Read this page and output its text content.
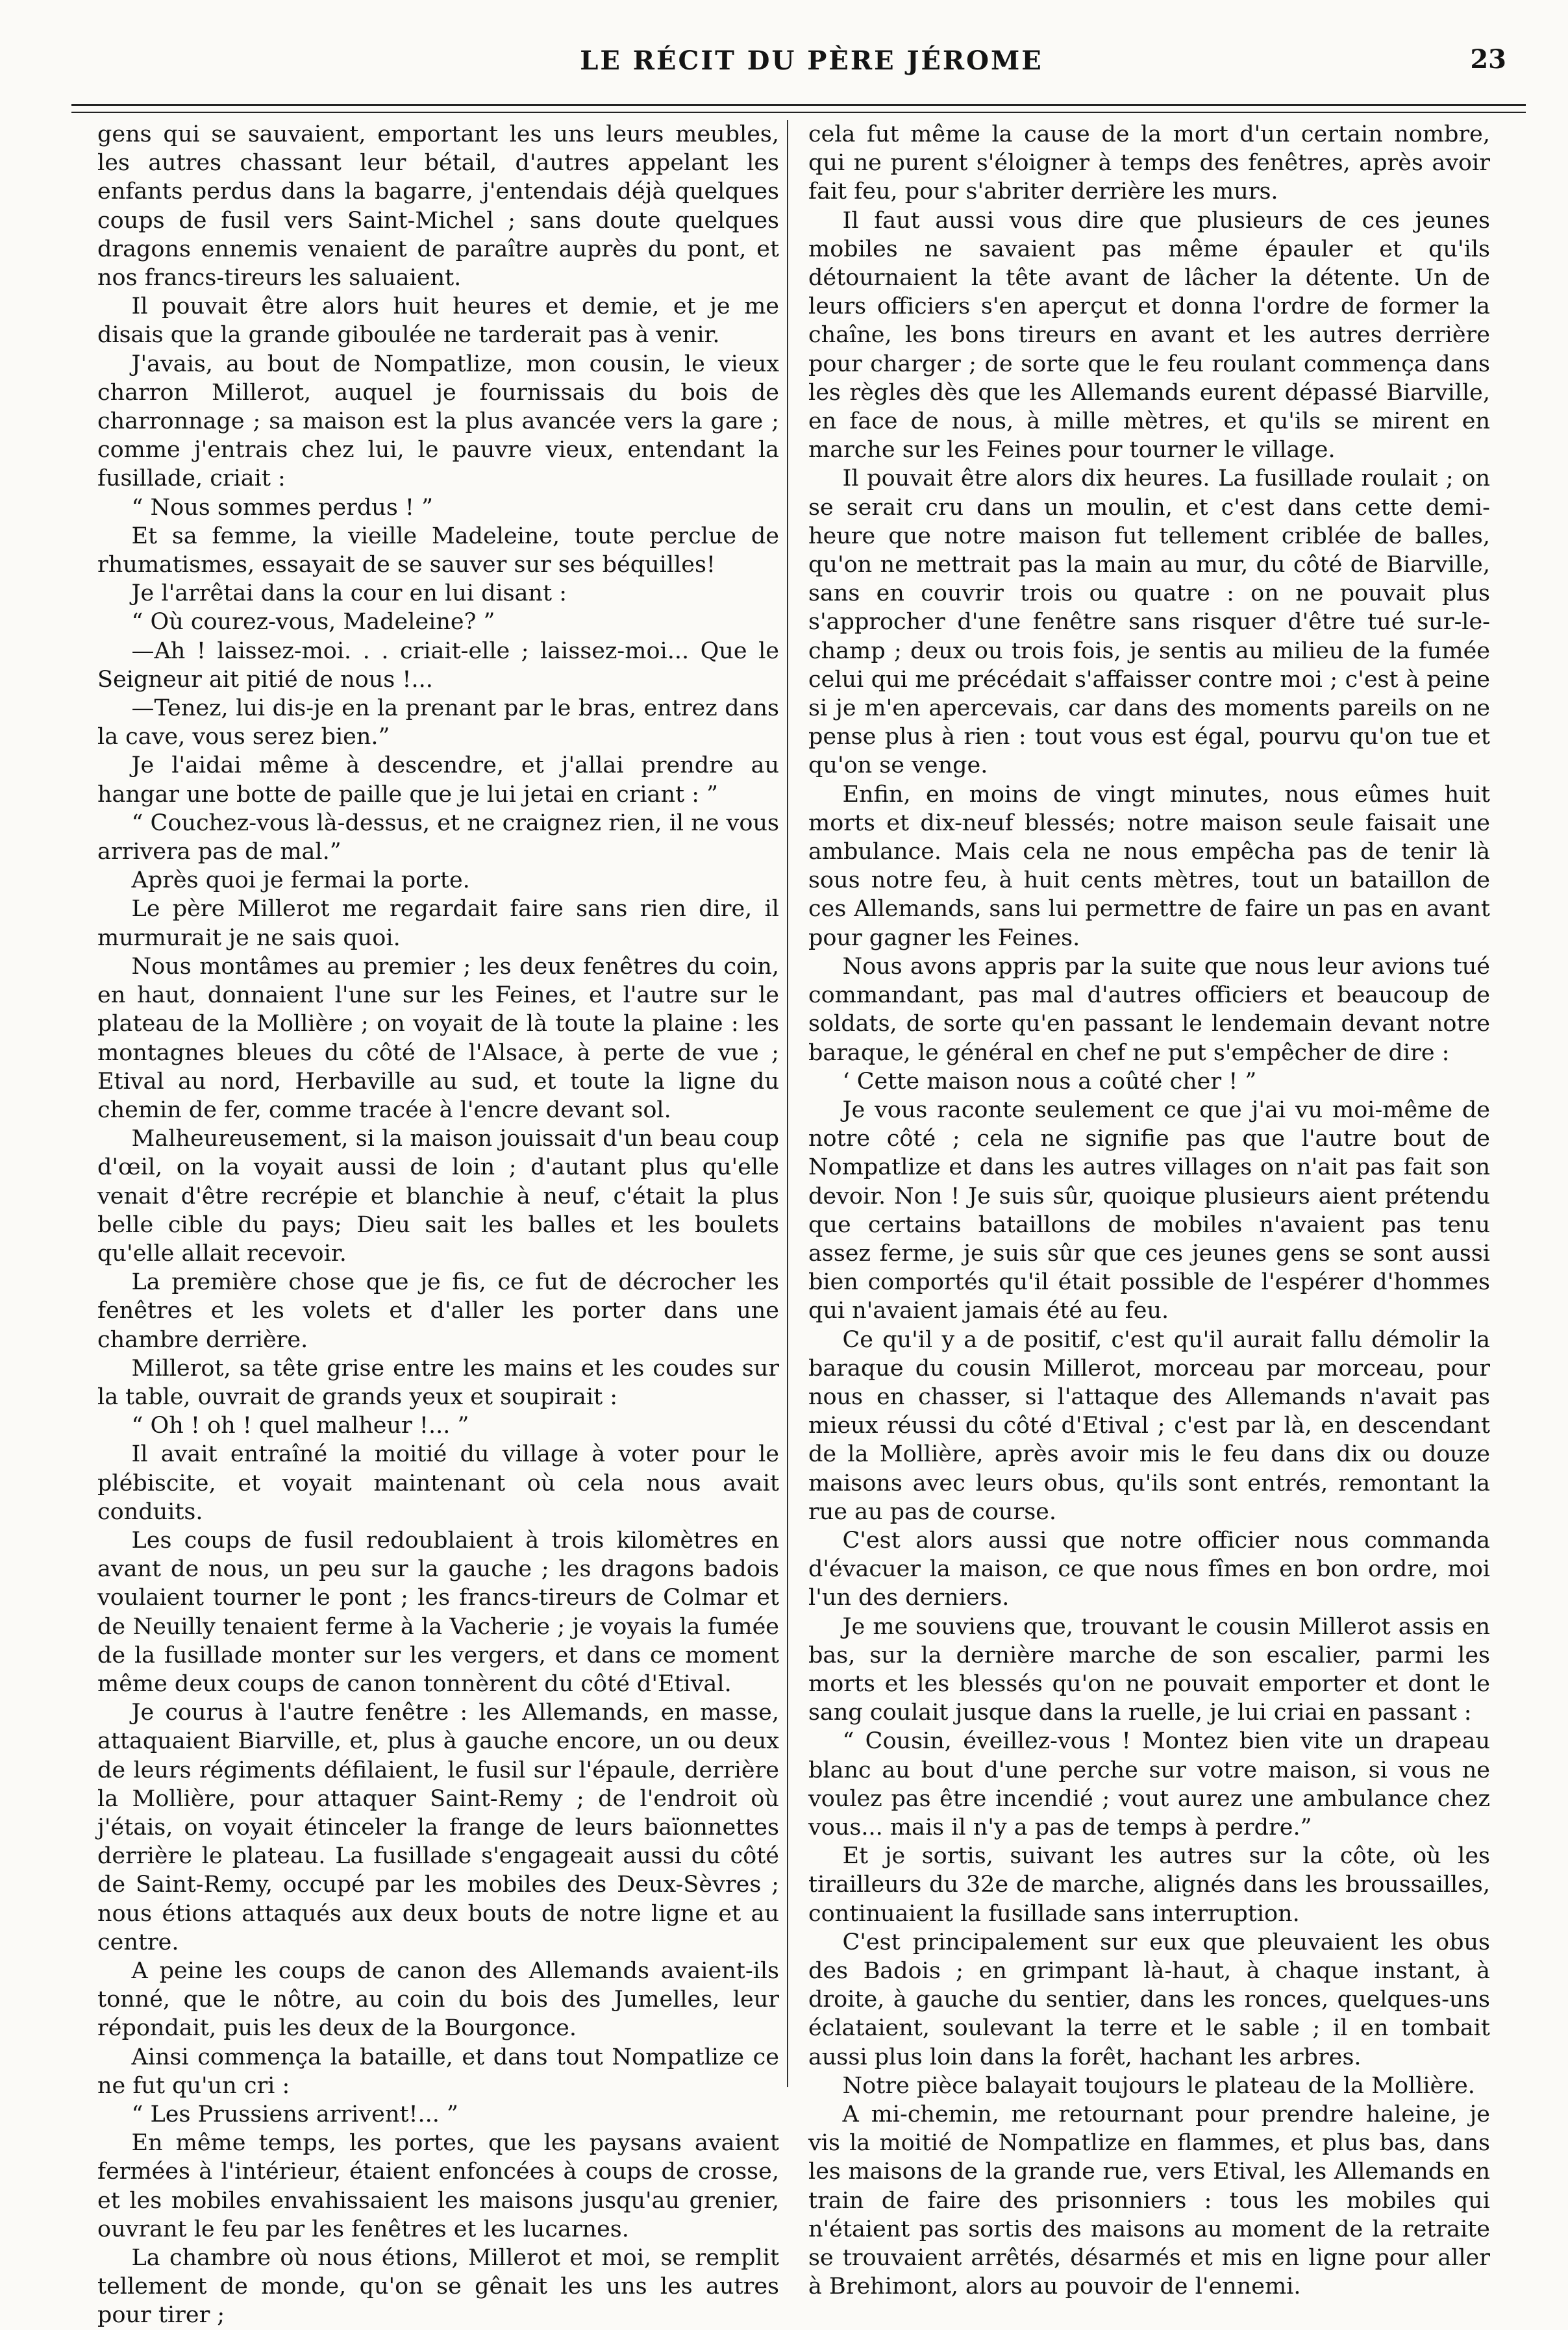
LE RÉCIT DU PÈRE JÉROME	23

gens qui se sauvaient, emportant les uns leurs meubles, les autres chassant leur bétail, d'autres appelant les enfants perdus dans la bagarre, j'entendais déjà quelques coups de fusil vers Saint-Michel ; sans doute quelques dragons ennemis venaient de paraître auprès du pont, et nos francs-tireurs les saluaient.

Il pouvait être alors huit heures et demie, et je me disais que la grande giboulée ne tarderait pas à venir.

J'avais, au bout de Nompatlize, mon cousin, le vieux charron Millerot, auquel je fournissais du bois de charronnage ; sa maison est la plus avancée vers la gare ; comme j'entrais chez lui, le pauvre vieux, entendant la fusillade, criait :

“ Nous sommes perdus ! ”

Et sa femme, la vieille Madeleine, toute perclue de rhumatismes, essayait de se sauver sur ses béquilles!

Je l'arrêtai dans la cour en lui disant :

“ Où courez-vous, Madeleine? ”

—Ah ! laissez-moi. . . criait-elle ; laissez-moi... Que le Seigneur ait pitié de nous !...

—Tenez, lui dis-je en la prenant par le bras, entrez dans la cave, vous serez bien.”

Je l'aidai même à descendre, et j'allai prendre au hangar une botte de paille que je lui jetai en criant : ”

“ Couchez-vous là-dessus, et ne craignez rien, il ne vous arrivera pas de mal.”

Après quoi je fermai la porte.

Le père Millerot me regardait faire sans rien dire, il murmurait je ne sais quoi.

Nous montâmes au premier ; les deux fenêtres du coin, en haut, donnaient l'une sur les Feines, et l'autre sur le plateau de la Mollière ; on voyait de là toute la plaine : les montagnes bleues du côté de l'Alsace, à perte de vue ; Etival au nord, Herbaville au sud, et toute la ligne du chemin de fer, comme tracée à l'encre devant sol.

Malheureusement, si la maison jouissait d'un beau coup d'œil, on la voyait aussi de loin ; d'autant plus qu'elle venait d'être recrépie et blanchie à neuf, c'était la plus belle cible du pays; Dieu sait les balles et les boulets qu'elle allait recevoir.

La première chose que je fis, ce fut de décrocher les fenêtres et les volets et d'aller les porter dans une chambre derrière.

Millerot, sa tête grise entre les mains et les coudes sur la table, ouvrait de grands yeux et soupirait :

“ Oh ! oh ! quel malheur !... ”

Il avait entraîné la moitié du village à voter pour le plébiscite, et voyait maintenant où cela nous avait conduits.

Les coups de fusil redoublaient à trois kilomètres en avant de nous, un peu sur la gauche ; les dragons badois voulaient tourner le pont ; les francs-tireurs de Colmar et de Neuilly tenaient ferme à la Vacherie ; je voyais la fumée de la fusillade monter sur les vergers, et dans ce moment même deux coups de canon tonnèrent du côté d'Etival.

Je courus à l'autre fenêtre : les Allemands, en masse, attaquaient Biarville, et, plus à gauche encore, un ou deux de leurs régiments défilaient, le fusil sur l'épaule, derrière la Mollière, pour attaquer Saint-Remy ; de l'endroit où j'étais, on voyait étinceler la frange de leurs baïonnettes derrière le plateau. La fusillade s'engageait aussi du côté de Saint-Remy, occupé par les mobiles des Deux-Sèvres ; nous étions attaqués aux deux bouts de notre ligne et au centre.

A peine les coups de canon des Allemands avaient-ils tonné, que le nôtre, au coin du bois des Jumelles, leur répondait, puis les deux de la Bourgonce.

Ainsi commença la bataille, et dans tout Nompatlize ce ne fut qu'un cri :

“ Les Prussiens arrivent!... ”

En même temps, les portes, que les paysans avaient fermées à l'intérieur, étaient enfoncées à coups de crosse, et les mobiles envahissaient les maisons jusqu'au grenier, ouvrant le feu par les fenêtres et les lucarnes.

La chambre où nous étions, Millerot et moi, se remplit tellement de monde, qu'on se gênait les uns les autres pour tirer ;

cela fut même la cause de la mort d'un certain nombre, qui ne purent s'éloigner à temps des fenêtres, après avoir fait feu, pour s'abriter derrière les murs.

Il faut aussi vous dire que plusieurs de ces jeunes mobiles ne savaient pas même épauler et qu'ils détournaient la tête avant de lâcher la détente. Un de leurs officiers s'en aperçut et donna l'ordre de former la chaîne, les bons tireurs en avant et les autres derrière pour charger ; de sorte que le feu roulant commença dans les règles dès que les Allemands eurent dépassé Biarville, en face de nous, à mille mètres, et qu'ils se mirent en marche sur les Feines pour tourner le village.

Il pouvait être alors dix heures. La fusillade roulait ; on se serait cru dans un moulin, et c'est dans cette demi-heure que notre maison fut tellement criblée de balles, qu'on ne mettrait pas la main au mur, du côté de Biarville, sans en couvrir trois ou quatre : on ne pouvait plus s'approcher d'une fenêtre sans risquer d'être tué sur-le-champ ; deux ou trois fois, je sentis au milieu de la fumée celui qui me précédait s'affaisser contre moi ; c'est à peine si je m'en apercevais, car dans des moments pareils on ne pense plus à rien : tout vous est égal, pourvu qu'on tue et qu'on se venge.

Enfin, en moins de vingt minutes, nous eûmes huit morts et dix-neuf blessés; notre maison seule faisait une ambulance. Mais cela ne nous empêcha pas de tenir là sous notre feu, à huit cents mètres, tout un bataillon de ces Allemands, sans lui permettre de faire un pas en avant pour gagner les Feines.

Nous avons appris par la suite que nous leur avions tué commandant, pas mal d'autres officiers et beaucoup de soldats, de sorte qu'en passant le lendemain devant notre baraque, le général en chef ne put s'empêcher de dire :

‘ Cette maison nous a coûté cher ! ”

Je vous raconte seulement ce que j'ai vu moi-même de notre côté ; cela ne signifie pas que l'autre bout de Nompatlize et dans les autres villages on n'ait pas fait son devoir. Non ! Je suis sûr, quoique plusieurs aient prétendu que certains bataillons de mobiles n'avaient pas tenu assez ferme, je suis sûr que ces jeunes gens se sont aussi bien comportés qu'il était possible de l'espérer d'hommes qui n'avaient jamais été au feu.

Ce qu'il y a de positif, c'est qu'il aurait fallu démolir la baraque du cousin Millerot, morceau par morceau, pour nous en chasser, si l'attaque des Allemands n'avait pas mieux réussi du côté d'Etival ; c'est par là, en descendant de la Mollière, après avoir mis le feu dans dix ou douze maisons avec leurs obus, qu'ils sont entrés, remontant la rue au pas de course.

C'est alors aussi que notre officier nous commanda d'évacuer la maison, ce que nous fîmes en bon ordre, moi l'un des derniers.

Je me souviens que, trouvant le cousin Millerot assis en bas, sur la dernière marche de son escalier, parmi les morts et les blessés qu'on ne pouvait emporter et dont le sang coulait jusque dans la ruelle, je lui criai en passant :

“ Cousin, éveillez-vous ! Montez bien vite un drapeau blanc au bout d'une perche sur votre maison, si vous ne voulez pas être incendié ; vout aurez une ambulance chez vous... mais il n'y a pas de temps à perdre.”

Et je sortis, suivant les autres sur la côte, où les tirailleurs du 32e de marche, alignés dans les broussailles, continuaient la fusillade sans interruption.

C'est principalement sur eux que pleuvaient les obus des Badois ; en grimpant là-haut, à chaque instant, à droite, à gauche du sentier, dans les ronces, quelques-uns éclataient, soulevant la terre et le sable ; il en tombait aussi plus loin dans la forêt, hachant les arbres.

Notre pièce balayait toujours le plateau de la Mollière.

A mi-chemin, me retournant pour prendre haleine, je vis la moitié de Nompatlize en flammes, et plus bas, dans les maisons de la grande rue, vers Etival, les Allemands en train de faire des prisonniers : tous les mobiles qui n'étaient pas sortis des maisons au moment de la retraite se trouvaient arrêtés, désarmés et mis en ligne pour aller à Brehimont, alors au pouvoir de l'ennemi.
